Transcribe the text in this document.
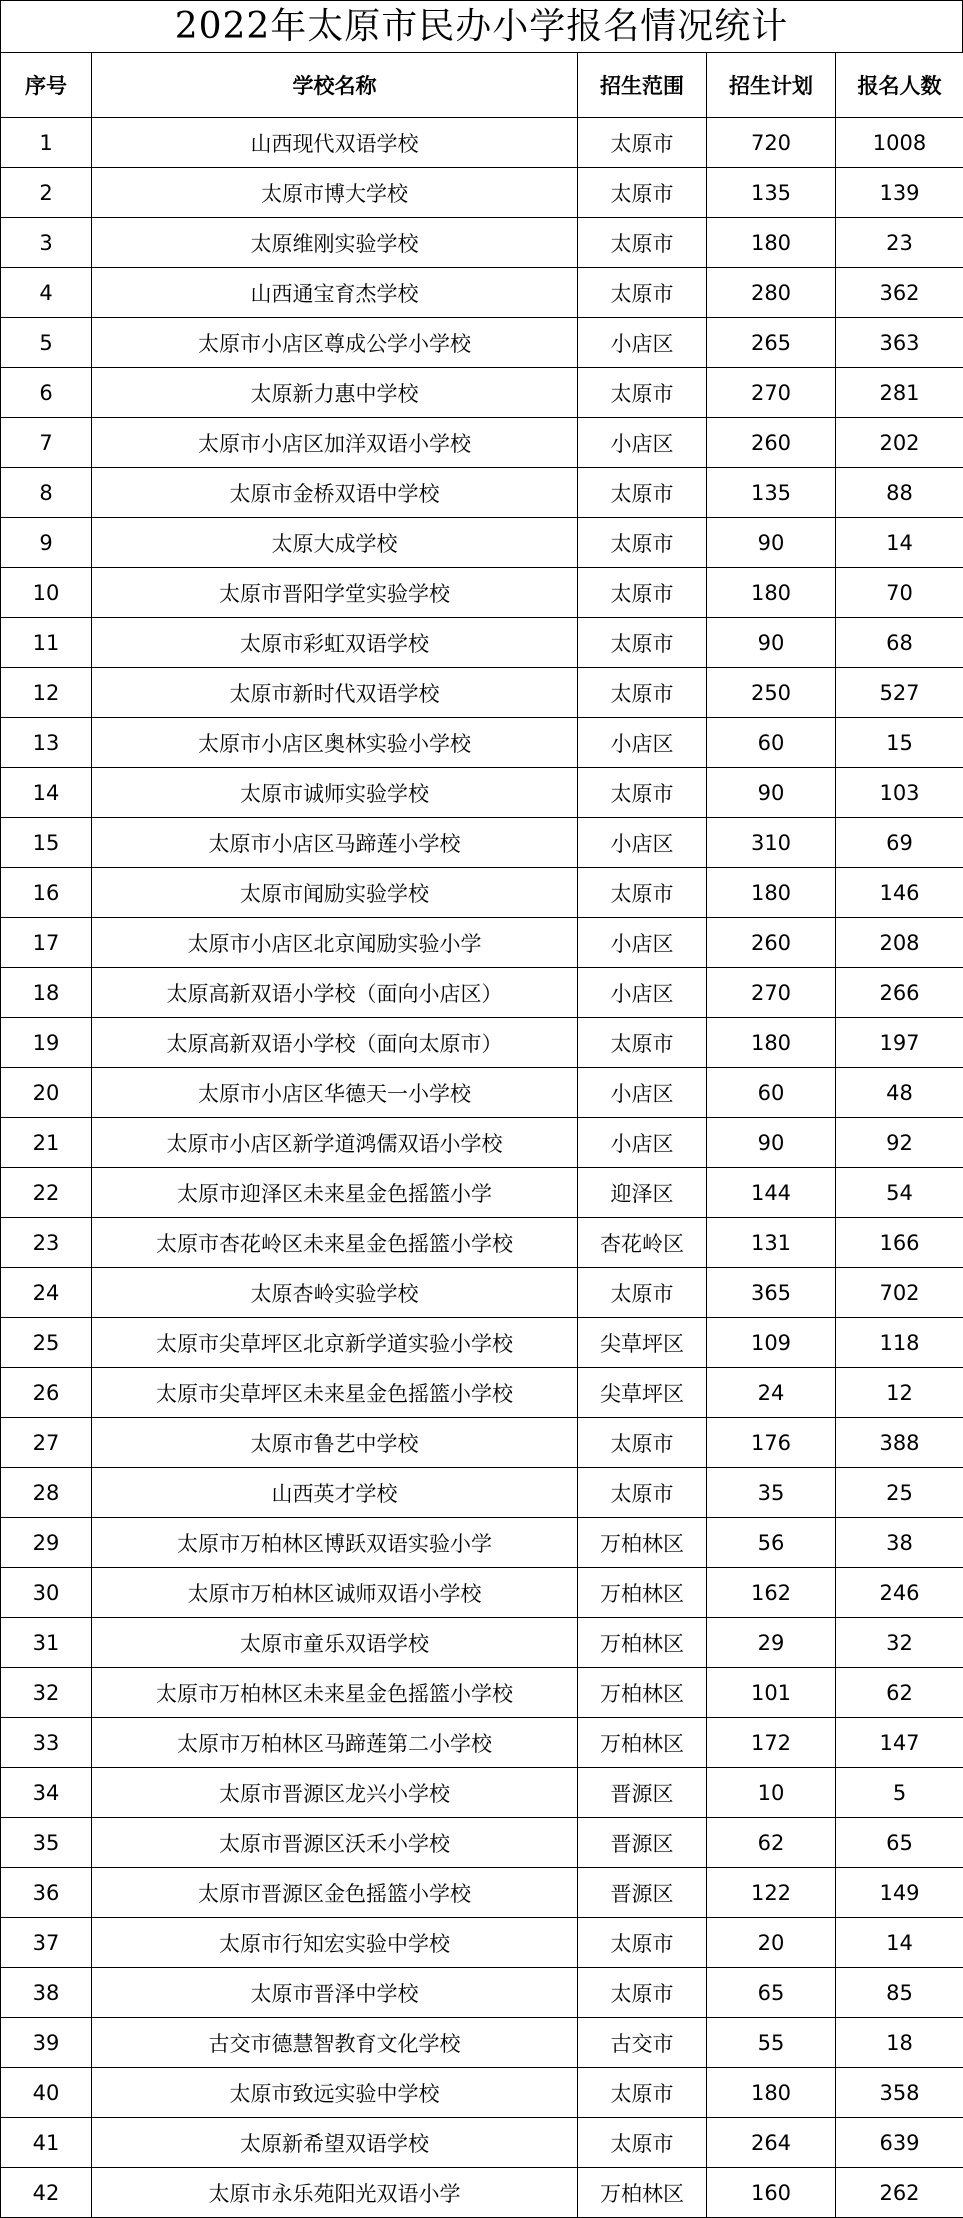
2022年太原市民办小学报名情况统计
序号	学校名称	招生范围	招生计划	报名人数
1	山西现代双语学校	太原市	720	1008
2	太原市博大学校	太原市	135	139
3	太原维刚实验学校	太原市	180	23
4	山西通宝育杰学校	太原市	280	362
5	太原市小店区尊成公学小学校	小店区	265	363
6	太原新力惠中学校	太原市	270	281
7	太原市小店区加洋双语小学校	小店区	260	202
8	太原市金桥双语中学校	太原市	135	88
9	太原大成学校	太原市	90	14
10	太原市晋阳学堂实验学校	太原市	180	70
11	太原市彩虹双语学校	太原市	90	68
12	太原市新时代双语学校	太原市	250	527
13	太原市小店区奥林实验小学校	小店区	60	15
14	太原市诚师实验学校	太原市	90	103
15	太原市小店区马蹄莲小学校	小店区	310	69
16	太原市闻励实验学校	太原市	180	146
17	太原市小店区北京闻励实验小学	小店区	260	208
18	太原高新双语小学校（面向小店区）	小店区	270	266
19	太原高新双语小学校（面向太原市）	太原市	180	197
20	太原市小店区华德天一小学校	小店区	60	48
21	太原市小店区新学道鸿儒双语小学校	小店区	90	92
22	太原市迎泽区未来星金色摇篮小学	迎泽区	144	54
23	太原市杏花岭区未来星金色摇篮小学校	杏花岭区	131	166
24	太原杏岭实验学校	太原市	365	702
25	太原市尖草坪区北京新学道实验小学校	尖草坪区	109	118
26	太原市尖草坪区未来星金色摇篮小学校	尖草坪区	24	12
27	太原市鲁艺中学校	太原市	176	388
28	山西英才学校	太原市	35	25
29	太原市万柏林区博跃双语实验小学	万柏林区	56	38
30	太原市万柏林区诚师双语小学校	万柏林区	162	246
31	太原市童乐双语学校	万柏林区	29	32
32	太原市万柏林区未来星金色摇篮小学校	万柏林区	101	62
33	太原市万柏林区马蹄莲第二小学校	万柏林区	172	147
34	太原市晋源区龙兴小学校	晋源区	10	5
35	太原市晋源区沃禾小学校	晋源区	62	65
36	太原市晋源区金色摇篮小学校	晋源区	122	149
37	太原市行知宏实验中学校	太原市	20	14
38	太原市晋泽中学校	太原市	65	85
39	古交市德慧智教育文化学校	古交市	55	18
40	太原市致远实验中学校	太原市	180	358
41	太原新希望双语学校	太原市	264	639
42	太原市永乐苑阳光双语小学	万柏林区	160	262
